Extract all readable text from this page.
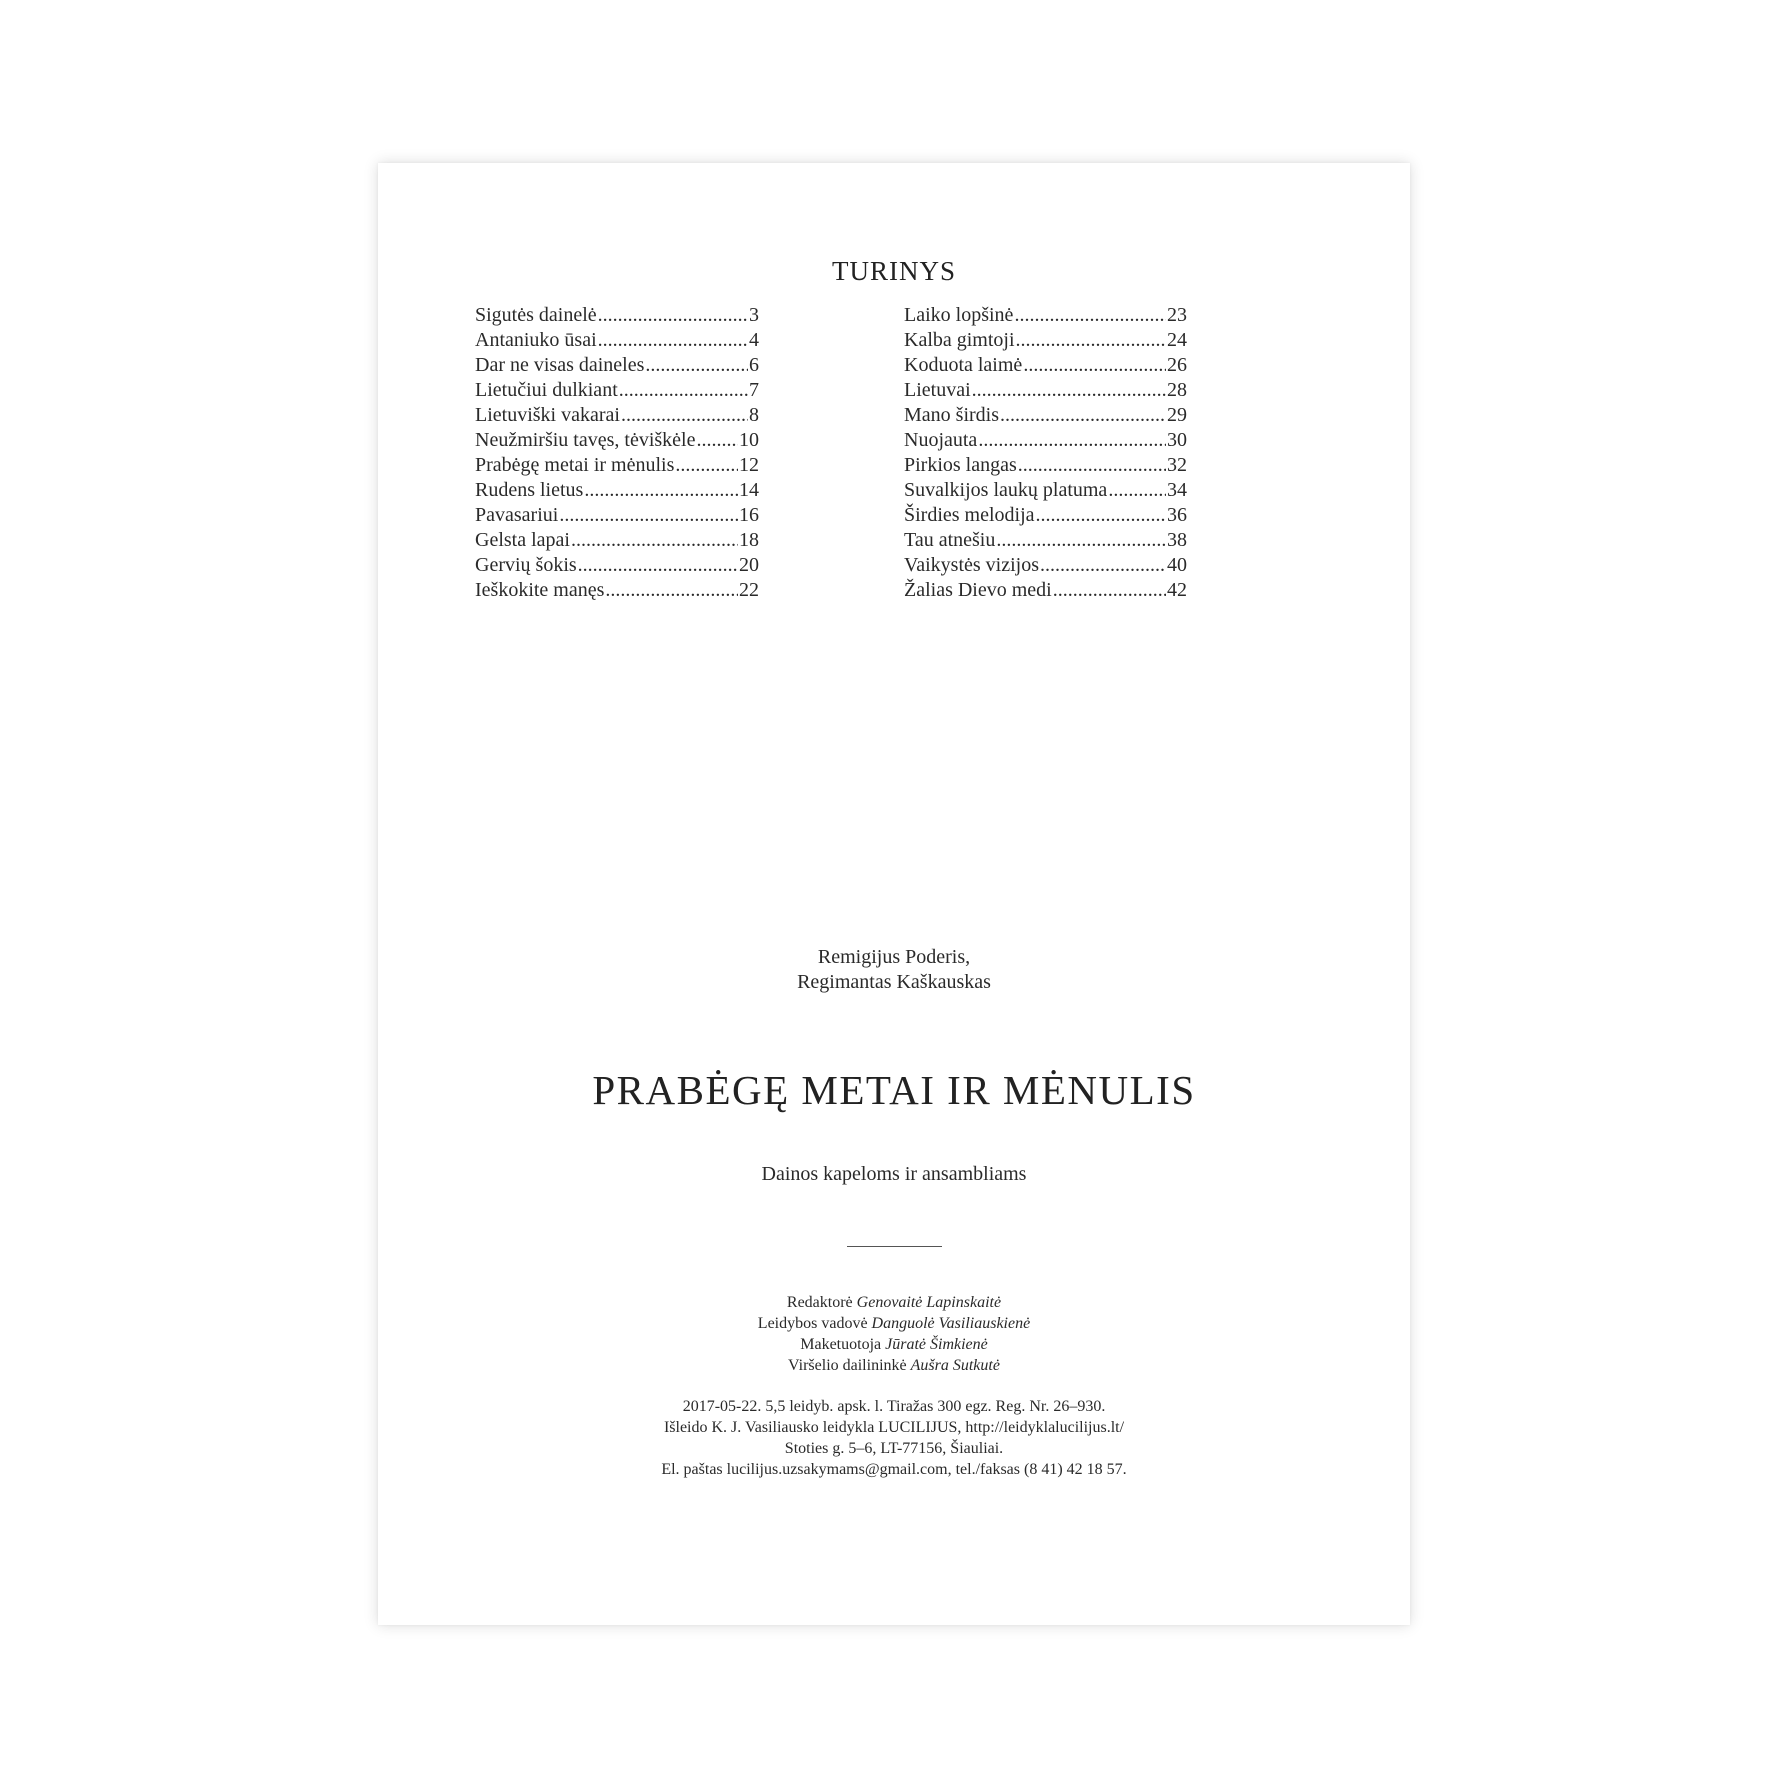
TURINYS
Sigutės dainelė .....	3
Antaniuko ūsai .....	4
Dar ne visas daineles .....	6
Lietučiui dulkiant .....	7
Lietuviški vakarai .....	8
Neužmiršiu tavęs, tėviškėle ..... 10
Prabėgę metai ir mėnulis .....	12
Rudens lietus .....	14
Pavasariui .....	16
Gelsta lapai .....	18
Gervių šokis .....	20
Ieškokite manęs .....	22
Laiko lopšinė .....	23
Kalba gimtoji .....	24
Koduota laimė .....	26
Lietuvai .....	28
Mano širdis .....	29
Nuojauta .....	30
Pirkios langas .....	32
Suvalkijos laukų platuma .....	34
Širdies melodija .....	36
Tau atnešiu .....	38
Vaikystės vizijos .....	40
Žalias Dievo medi .....	42
Remigijus Poderis,
Regimantas Kaškauskas
PRABĖGĘ METAI IR MĖNULIS
Dainos kapeloms ir ansambliams
Redaktorė Genovaitė Lapinskaitė
Leidybos vadovė Danguolė Vasiliauskienė
Maketuotoja Jūratė Šimkienė
Viršelio dailininkė Aušra Sutkutė
2017-05-22. 5,5 leidyb. apsk. l. Tiražas 300 egz. Reg. Nr. 26–930.
Išleido K. J. Vasiliausko leidykla LUCILIJUS, http://leidyklalucilijus.lt/
Stoties g. 5–6, LT-77156, Šiauliai.
El. paštas lucilijus.uzsakymams@gmail.com, tel./faksas (8 41) 42 18 57.
